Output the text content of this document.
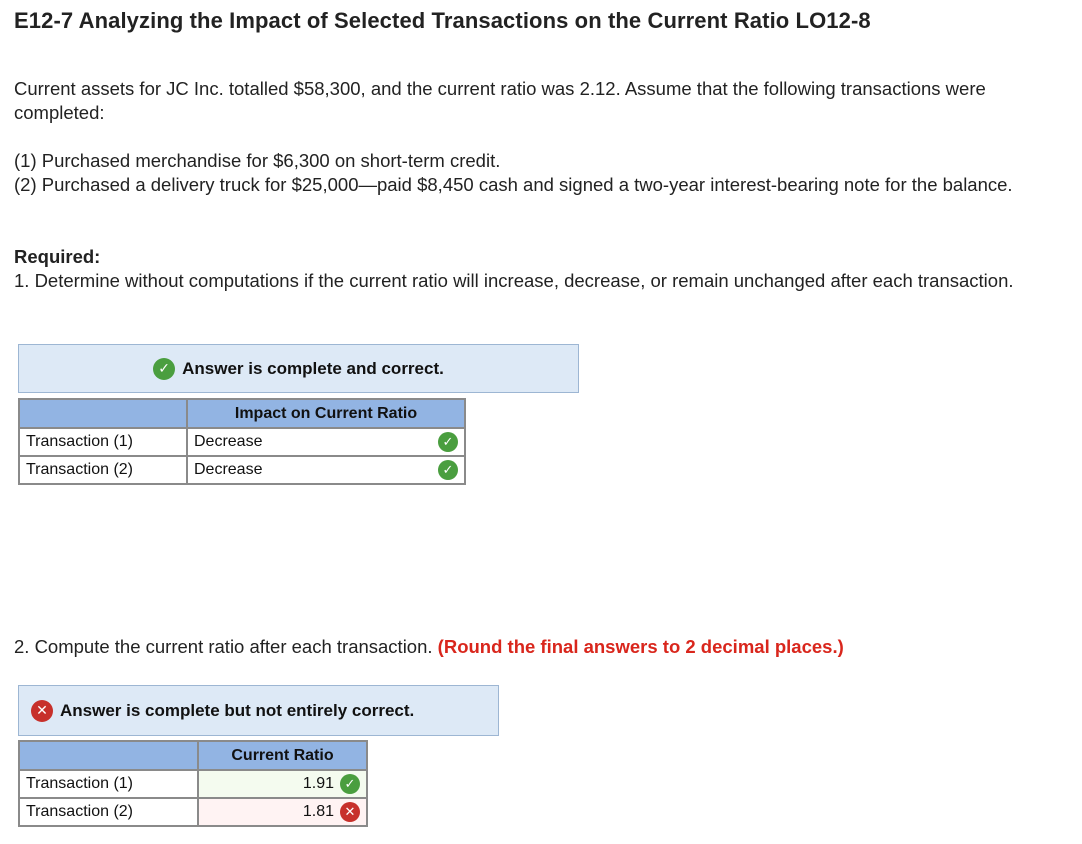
E12-7 Analyzing the Impact of Selected Transactions on the Current Ratio LO12-8

Current assets for JC Inc. totalled $58,300, and the current ratio was 2.12. Assume that the following transactions were completed:

(1) Purchased merchandise for $6,300 on short-term credit.

(2) Purchased a delivery truck for $25,000—paid $8,450 cash and signed a two-year interest-bearing note for the balance.

Required:

1. Determine without computations if the current ratio will increase, decrease, or remain unchanged after each transaction.

✓ Answer is complete and correct.
	Impact on Current Ratio
Transaction (1)	Decrease ✓

Transaction (2)	Decrease ✓

2. Compute the current ratio after each transaction. (Round the final answers to 2 decimal places.)

✕ Answer is complete but not entirely correct.
	Current Ratio
Transaction (1)	1.91 ✓

Transaction (2)	1.81 ✕
